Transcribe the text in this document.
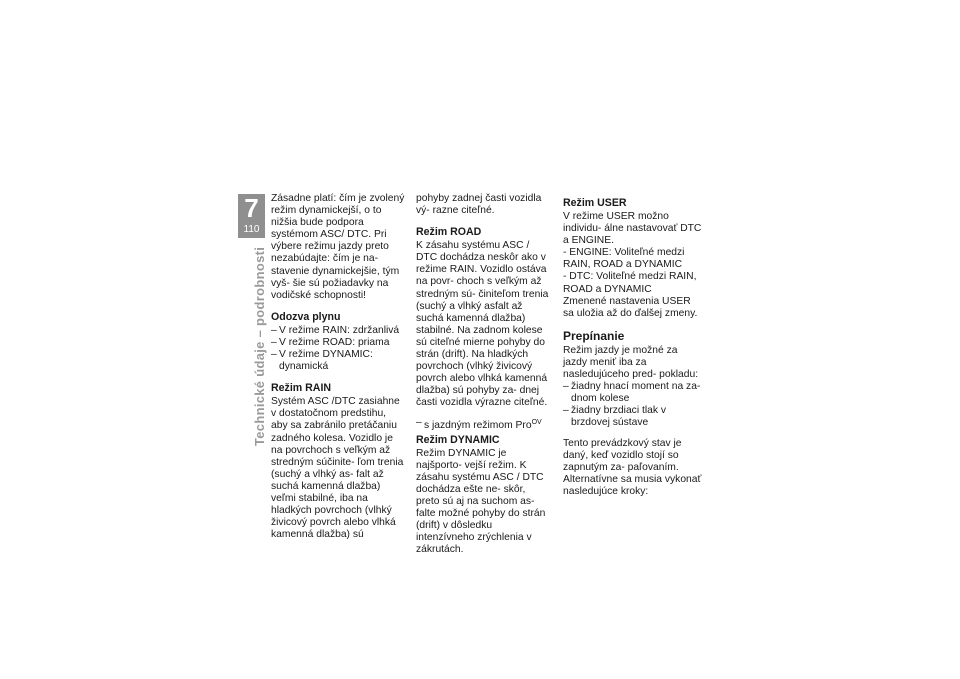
7
110
Technické údaje – podrobnosti

Zásadne platí: čím je zvolený režim dynamickejší, o to nižšia bude podpora systémom ASC/ DTC. Pri výbere režimu jazdy preto nezabúdajte: čím je na- stavenie dynamickejšie, tým vyš- šie sú požiadavky na vodičské schopnosti!

Odozva plynu
– V režime RAIN: zdržanlivá
– V režime ROAD: priama
– V režime DYNAMIC: dynamická
Režim RAIN

Systém ASC /DTC zasiahne v dostatočnom predstihu, aby sa zabránilo pretáčaniu zadného kolesa. Vozidlo je na povrchoch s veľkým až stredným súčinite- ľom trenia (suchý a vlhký as- falt až suchá kamenná dlažba) veľmi stabilné, iba na hladkých povrchoch (vlhký živicový povrch alebo vlhká kamenná dlažba) sú

pohyby zadnej časti vozidla vý- razne citeľné.

Režim ROAD

K zásahu systému ASC / DTC dochádza neskôr ako v režime RAIN. Vozidlo ostáva na povr- choch s veľkým až stredným sú- činiteľom trenia (suchý a vlhký asfalt až suchá kamenná dlažba) stabilné. Na zadnom kolese sú citeľné mierne pohyby do strán (drift). Na hladkých povrchoch (vlhký živicový povrch alebo vlhká kamenná dlažba) sú pohyby za- dnej časti vozidla výrazne citeľné.

– s jazdným režimom Pro$^{OV}$
Režim DYNAMIC

Režim DYNAMIC je najšporto- vejší režim. K zásahu systému ASC / DTC dochádza ešte ne- skôr, preto sú aj na suchom as- falte možné pohyby do strán (drift) v dôsledku intenzívneho zrýchlenia v zákrutách.

Režim USER

V režime USER možno individu- álne nastavovať DTC a ENGINE.

- ENGINE: Voliteľné medzi RAIN, ROAD a DYNAMIC

- DTC: Voliteľné medzi RAIN, ROAD a DYNAMIC

Zmenené nastavenia USER sa uložia až do ďalšej zmeny.

Prepínanie

Režim jazdy je možné za jazdy meniť iba za nasledujúceho pred- pokladu:

– žiadny hnací moment na za- dnom kolese
– žiadny brzdiaci tlak v brzdovej sústave

Tento prevádzkový stav je daný, keď vozidlo stojí so zapnutým za- paľovaním. Alternatívne sa musia vykonať nasledujúce kroky:
